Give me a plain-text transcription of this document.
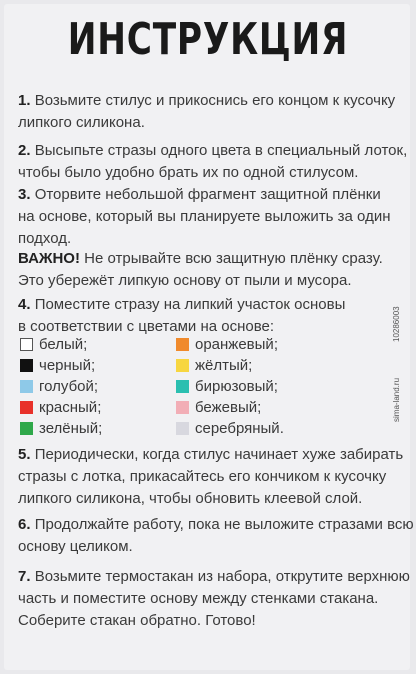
ИНСТРУКЦИЯ
1. Возьмите стилус и прикоснись его концом к кусочку
липкого силикона.
2. Высыпьте стразы одного цвета в специальный лоток,
чтобы было удобно брать их по одной стилусом.
3. Оторвите небольшой фрагмент защитной плёнки
на основе, который вы планируете выложить за один
подход.
ВАЖНО! Не отрывайте всю защитную плёнку сразу.
Это убережёт липкую основу от пыли и мусора.
4. Поместите стразу на липкий участок основы
в соответствии с цветами на основе:
белый;
черный;
голубой;
красный;
зелёный;
оранжевый;
жёлтый;
бирюзовый;
бежевый;
серебряный.
5. Периодически, когда стилус начинает хуже забирать
стразы с лотка, прикасайтесь его кончиком к кусочку
липкого силикона, чтобы обновить клеевой слой.
6. Продолжайте работу, пока не выложите стразами всю
основу целиком.
7. Возьмите термостакан из набора, открутите верхнюю
часть и поместите основу между стенками стакана.
Соберите стакан обратно. Готово!
10286003
sima-land.ru
